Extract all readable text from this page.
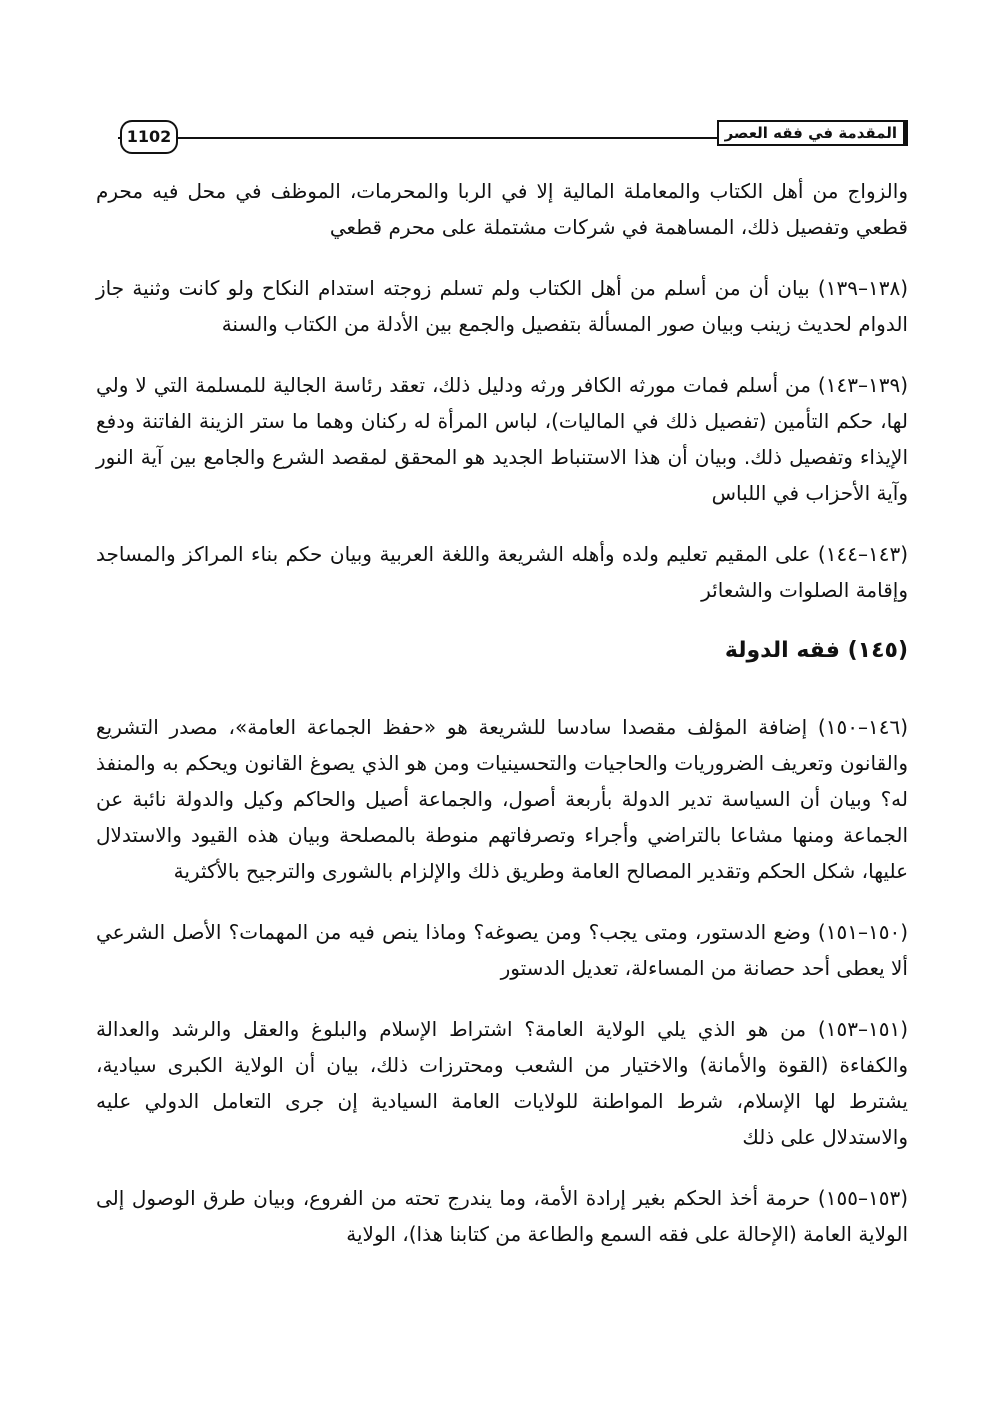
المقدمة في فقه العصر
1102

والزواج من أهل الكتاب والمعاملة المالية إلا في الربا والمحرمات، الموظف في محل فيه محرم قطعي وتفصيل ذلك، المساهمة في شركات مشتملة على محرم قطعي

(١٣٨–١٣٩) بيان أن من أسلم من أهل الكتاب ولم تسلم زوجته استدام النكاح ولو كانت وثنية جاز الدوام لحديث زينب وبيان صور المسألة بتفصيل والجمع بين الأدلة من الكتاب والسنة

(١٣٩–١٤٣) من أسلم فمات مورثه الكافر ورثه ودليل ذلك، تعقد رئاسة الجالية للمسلمة التي لا ولي لها، حكم التأمين (تفصيل ذلك في الماليات)، لباس المرأة له ركنان وهما ما ستر الزينة الفاتنة ودفع الإيذاء وتفصيل ذلك. وبيان أن هذا الاستنباط الجديد هو المحقق لمقصد الشرع والجامع بين آية النور وآية الأحزاب في اللباس

(١٤٣–١٤٤) على المقيم تعليم ولده وأهله الشريعة واللغة العربية وبيان حكم بناء المراكز والمساجد وإقامة الصلوات والشعائر

(١٤٥) فقه الدولة

(١٤٦–١٥٠) إضافة المؤلف مقصدا سادسا للشريعة هو «حفظ الجماعة العامة»، مصدر التشريع والقانون وتعريف الضروريات والحاجيات والتحسينيات ومن هو الذي يصوغ القانون ويحكم به والمنفذ له؟ وبيان أن السياسة تدير الدولة بأربعة أصول، والجماعة أصيل والحاكم وكيل والدولة نائبة عن الجماعة ومنها مشاعا بالتراضي وأجراء وتصرفاتهم منوطة بالمصلحة وبيان هذه القيود والاستدلال عليها، شكل الحكم وتقدير المصالح العامة وطريق ذلك والإلزام بالشورى والترجيح بالأكثرية

(١٥٠–١٥١) وضع الدستور، ومتى يجب؟ ومن يصوغه؟ وماذا ينص فيه من المهمات؟ الأصل الشرعي ألا يعطى أحد حصانة من المساءلة، تعديل الدستور

(١٥١–١٥٣) من هو الذي يلي الولاية العامة؟ اشتراط الإسلام والبلوغ والعقل والرشد والعدالة والكفاءة (القوة والأمانة) والاختيار من الشعب ومحترزات ذلك، بيان أن الولاية الكبرى سيادية، يشترط لها الإسلام، شرط المواطنة للولايات العامة السيادية إن جرى التعامل الدولي عليه والاستدلال على ذلك

(١٥٣–١٥٥) حرمة أخذ الحكم بغير إرادة الأمة، وما يندرج تحته من الفروع، وبيان طرق الوصول إلى الولاية العامة (الإحالة على فقه السمع والطاعة من كتابنا هذا)، الولاية
